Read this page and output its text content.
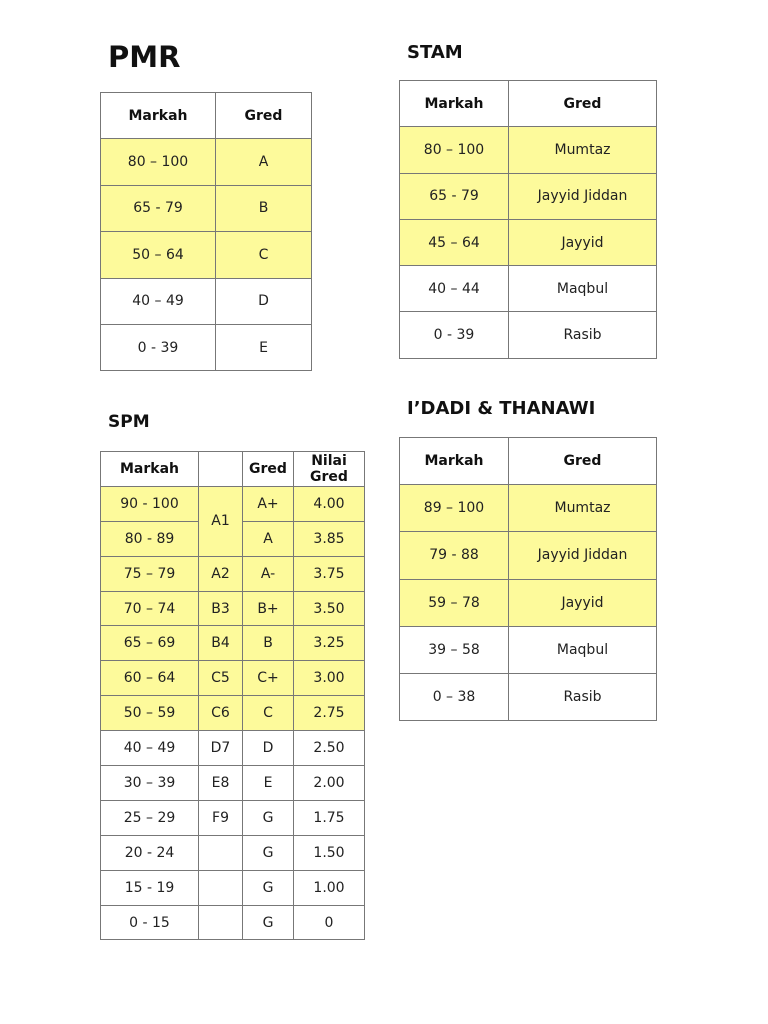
PMR
Markah	Gred
80 – 100	A
65 - 79	B
50 – 64	C
40 – 49	D
0 - 39	E
STAM
Markah	Gred
80 – 100	Mumtaz
65 - 79	Jayyid Jiddan
45 – 64	Jayyid
40 – 44	Maqbul
0 - 39	Rasib
SPM
Markah		Gred	Nilai
Gred

90 - 100	A1	A+	4.00
80 - 89		A	3.85
75 – 79	A2	A-	3.75
70 – 74	B3	B+	3.50
65 – 69	B4	B	3.25
60 – 64	C5	C+	3.00
50 – 59	C6	C	2.75
40 – 49	D7	D	2.50
30 – 39	E8	E	2.00
25 – 29	F9	G	1.75
20 - 24		G	1.50
15 - 19		G	1.00
0 - 15		G	0
I’DADI & THANAWI
Markah	Gred
89 – 100	Mumtaz
79 - 88	Jayyid Jiddan
59 – 78	Jayyid
39 – 58	Maqbul
0 – 38	Rasib
